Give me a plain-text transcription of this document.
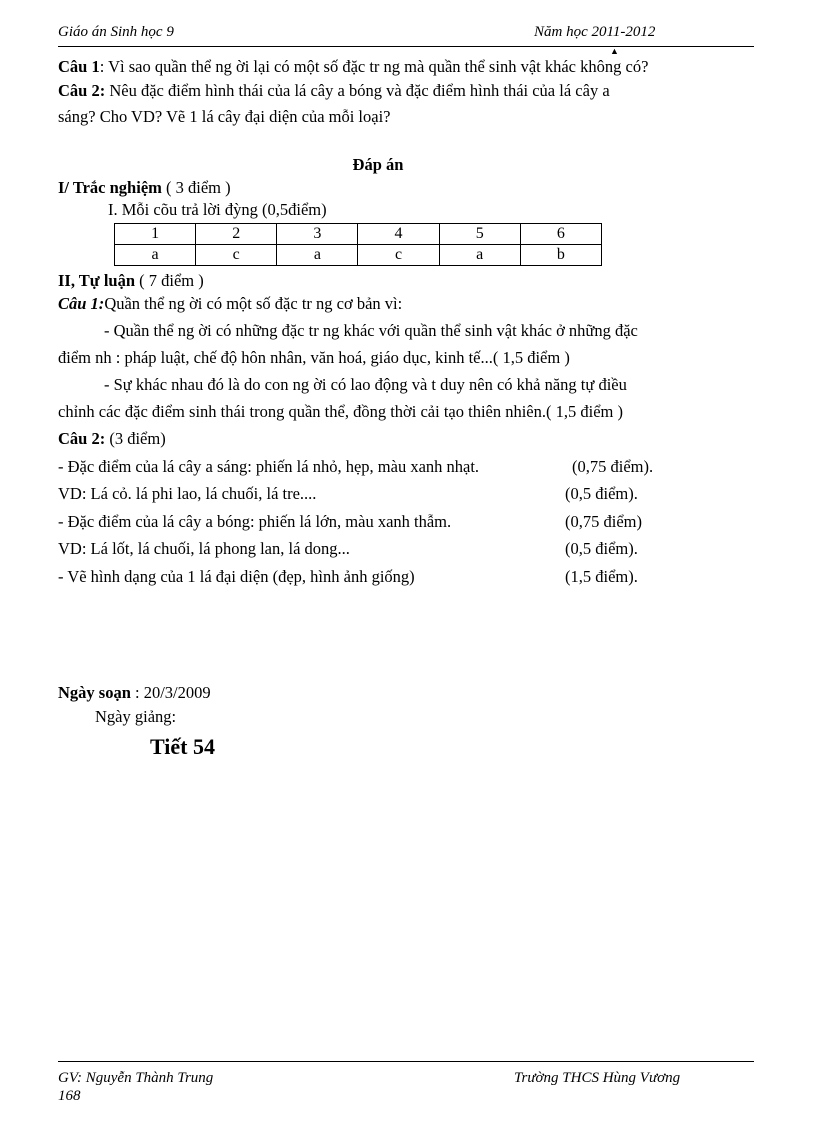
Giáo án Sinh học 9	Năm học 2011-2012
▲
Câu 1: Vì sao quần thể ng ời lại có một số đặc tr ng mà quần thể sinh vật khác không có?
Câu 2: Nêu đặc điểm hình thái của lá cây a bóng và đặc điểm hình thái của lá cây a
sáng? Cho VD? Vẽ 1 lá cây đại diện của mỗi loại?
Đáp án
I/ Trắc nghiệm ( 3 điểm )
I. Mỗi cõu trả lời đỳng (0,5điểm)
1	2	3	4	5	6
a	c	a	c	a	b
II, Tự luận ( 7 điểm )
Câu 1:Quần thể ng ời có một số đặc tr ng cơ bản vì:
- Quần thể ng ời có những đặc tr ng khác với quần thể sinh vật khác ở những đặc
điểm nh : pháp luật, chế độ hôn nhân, văn hoá, giáo dục, kinh tế...( 1,5 điểm )
- Sự khác nhau đó là do con ng ời có lao động và t duy nên có khả năng tự điều
chỉnh các đặc điểm sinh thái trong quần thể, đồng thời cải tạo thiên nhiên.( 1,5 điểm )
Câu 2: (3 điểm)
- Đặc điểm của lá cây a sáng: phiến lá nhỏ, hẹp, màu xanh nhạt.	(0,75 điểm).
VD: Lá cỏ. lá phi lao, lá chuối, lá tre....	(0,5 điểm).
- Đặc điểm của lá cây a bóng: phiến lá lớn, màu xanh thẫm.	(0,75 điểm)
VD: Lá lốt, lá chuối, lá phong lan, lá dong...	(0,5 điểm).
- Vẽ hình dạng của 1 lá đại diện (đẹp, hình ảnh giống)	(1,5 điểm).
Ngày soạn : 20/3/2009
Ngày giảng:
Tiết 54
GV: Nguyễn Thành Trung	Trường THCS Hùng Vương
168
